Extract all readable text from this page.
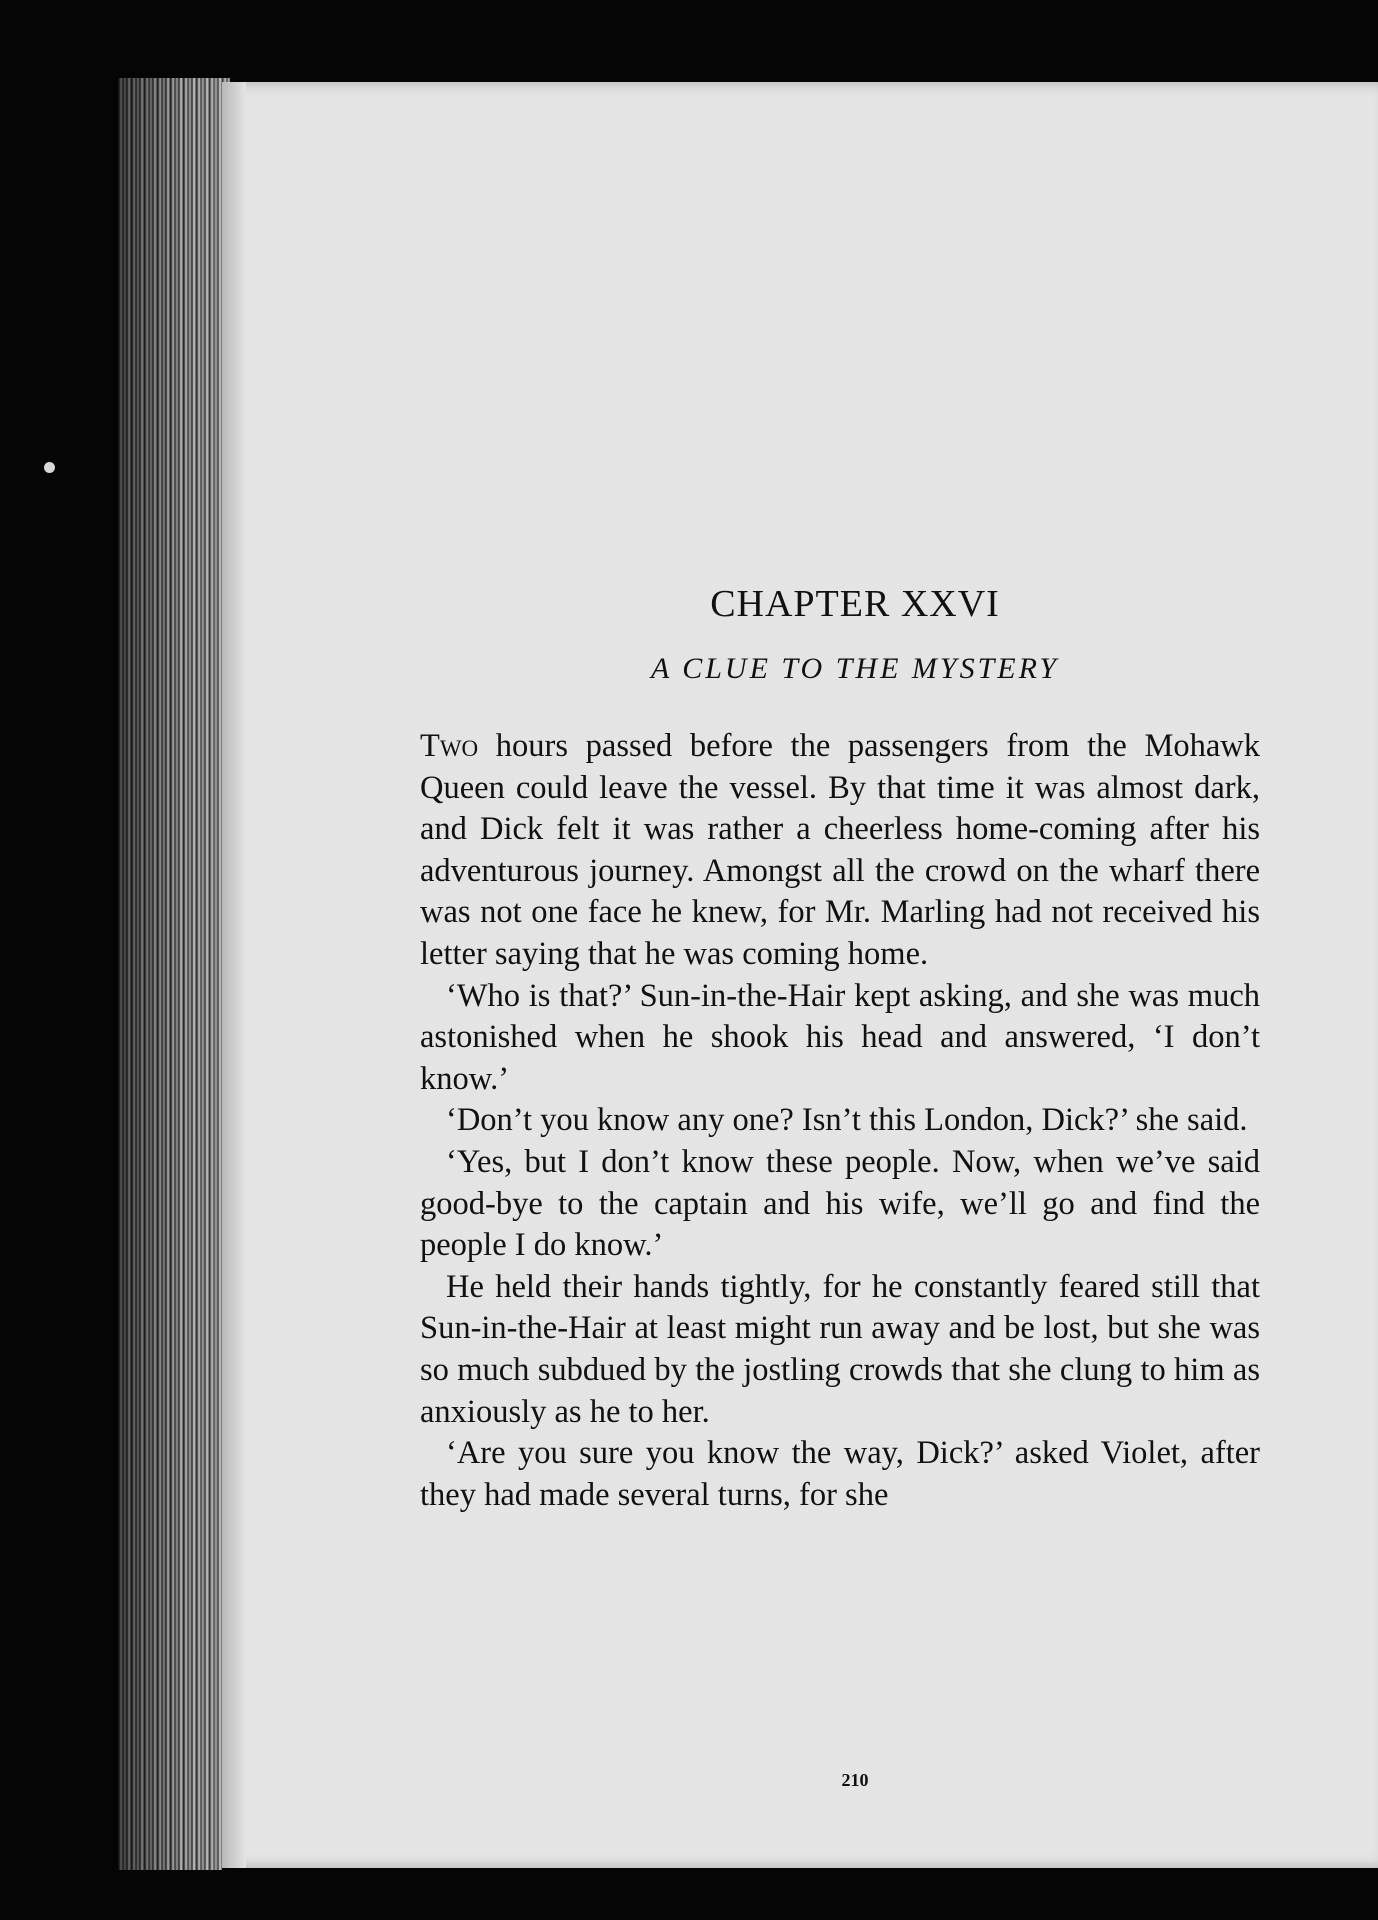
CHAPTER XXVI
A CLUE TO THE MYSTERY

Two hours passed before the passengers from the Mohawk Queen could leave the vessel. By that time it was almost dark, and Dick felt it was rather a cheerless home-coming after his adventurous journey. Amongst all the crowd on the wharf there was not one face he knew, for Mr. Marling had not received his letter saying that he was coming home.

‘Who is that?’ Sun-in-the-Hair kept asking, and she was much astonished when he shook his head and answered, ‘I don’t know.’

‘Don’t you know any one? Isn’t this London, Dick?’ she said.

‘Yes, but I don’t know these people. Now, when we’ve said good-bye to the captain and his wife, we’ll go and find the people I do know.’

He held their hands tightly, for he constantly feared still that Sun-in-the-Hair at least might run away and be lost, but she was so much subdued by the jostling crowds that she clung to him as anxiously as he to her.

‘Are you sure you know the way, Dick?’ asked Violet, after they had made several turns, for she

210
